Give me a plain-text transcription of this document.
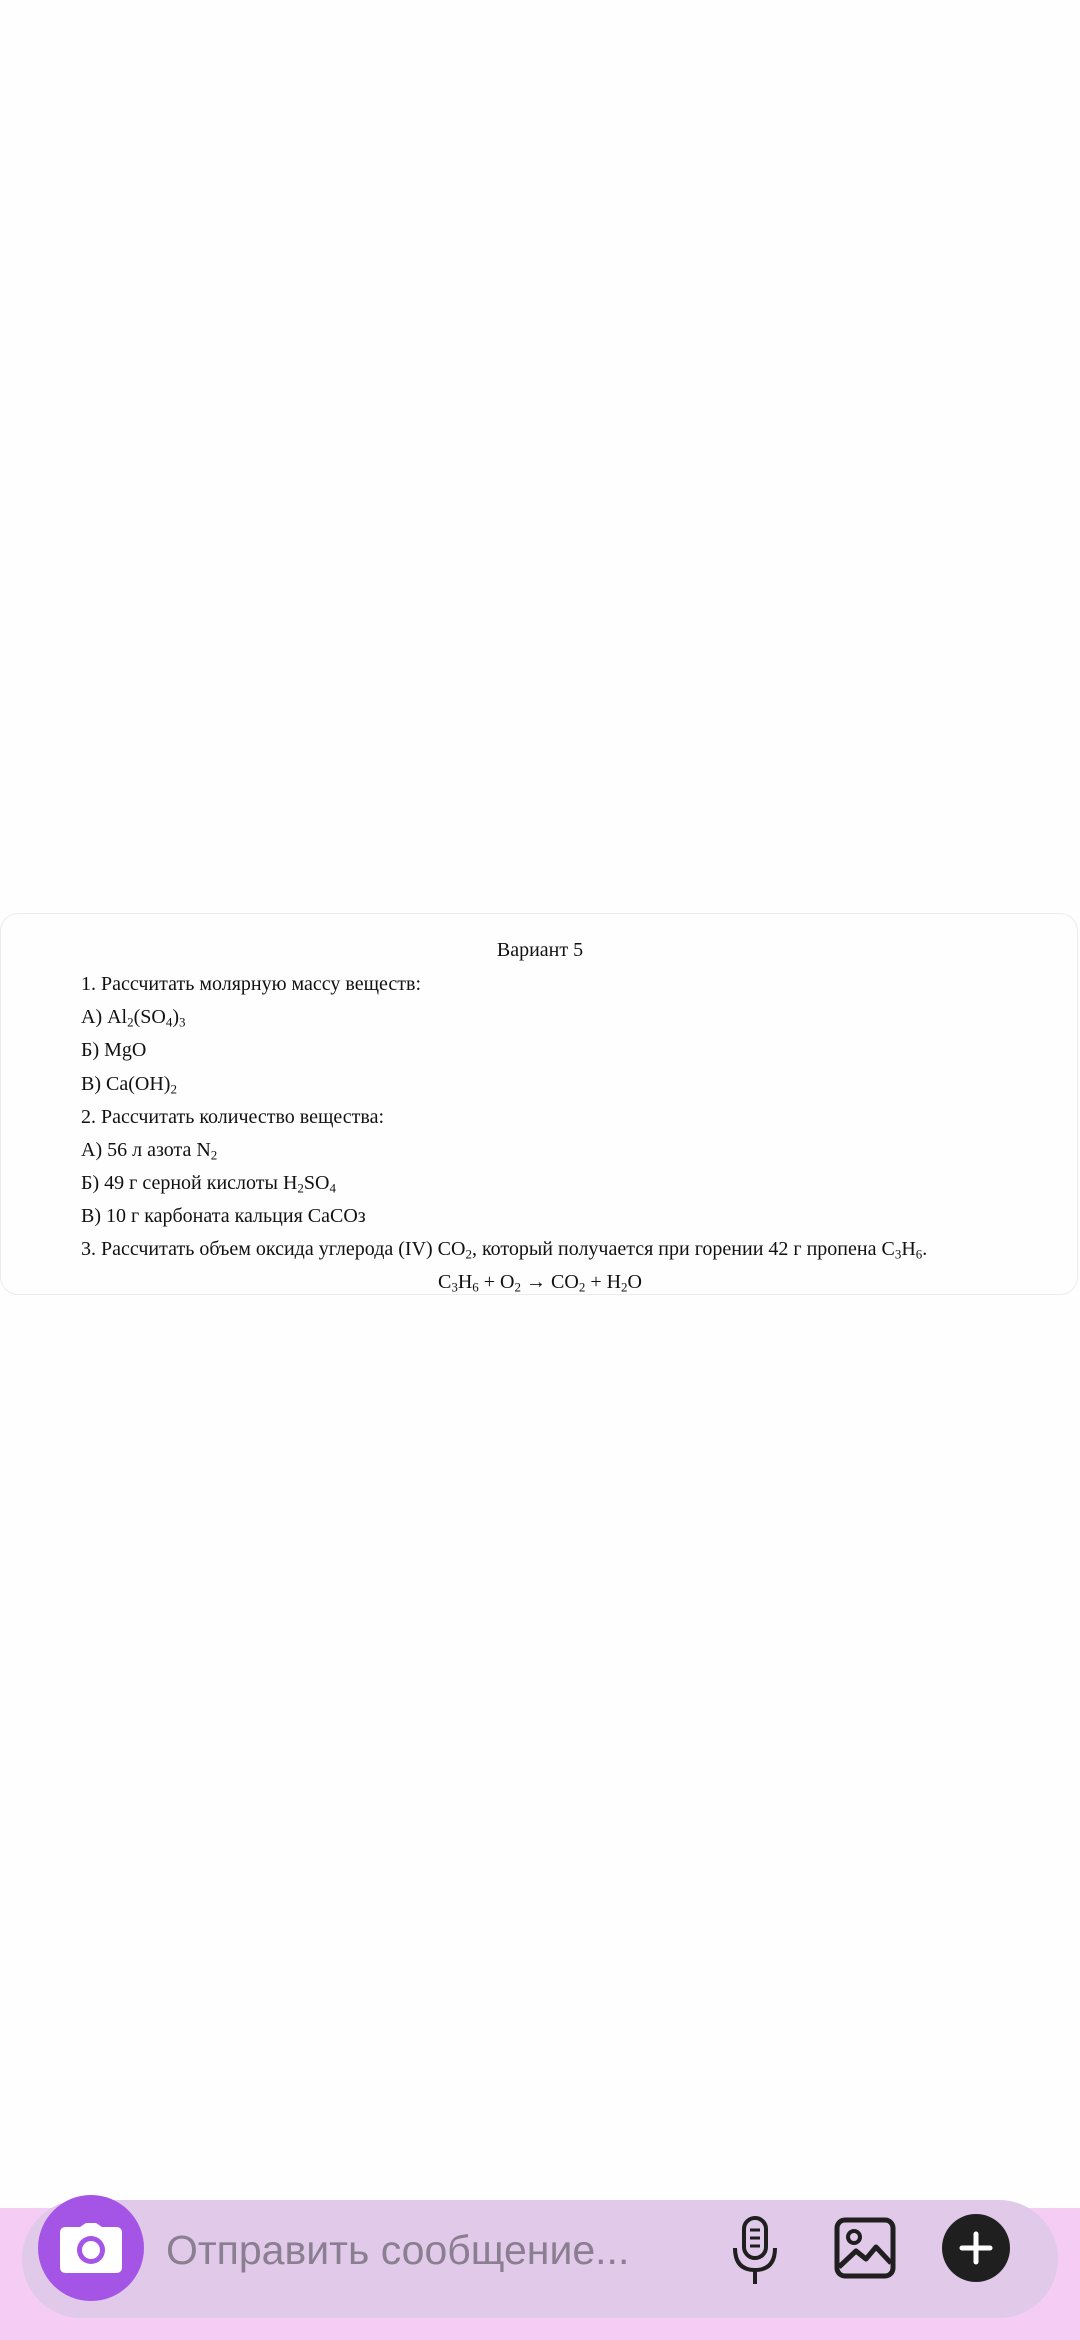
Вариант 5
1. Рассчитать молярную массу веществ:
А) $Al_2(SO_4)_3$
Б) MgO
В) $Ca(OH)_2$
2. Рассчитать количество вещества:
А) 56 л азота $N_2$
Б) 49 г серной кислоты $H_2SO_4$
В) 10 г карбоната кальция CaCOз
3. Рассчитать объем оксида углерода (IV) $CO_2$, который получается при горении 42 г пропена $C_3H_6$.
$C_3H_6 + O_2 \to CO_2 + H_2O$
Отправить сообщение...
